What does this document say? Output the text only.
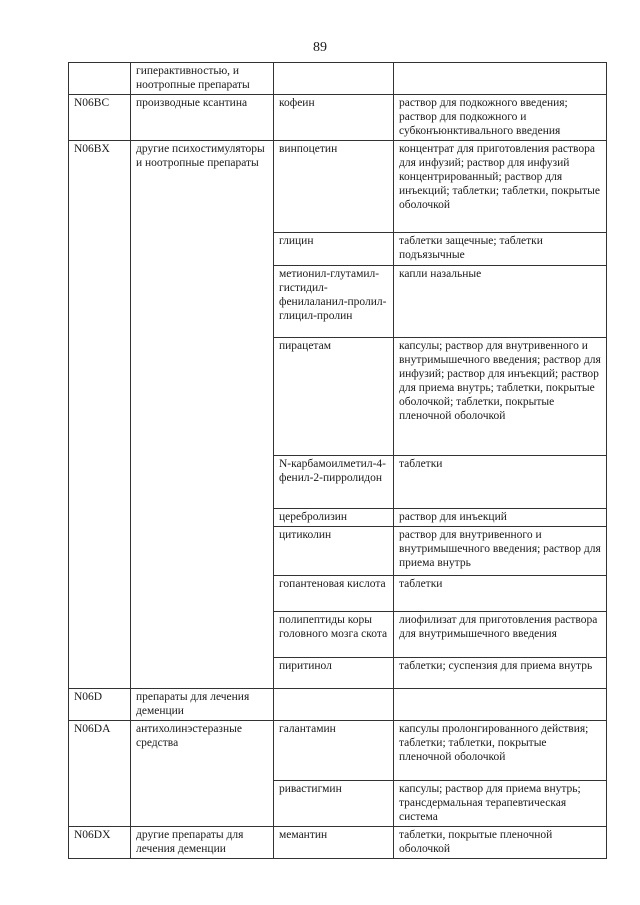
89
	гиперактивностью, и ноотропные препараты		
N06BC	производные ксантина	кофеин	раствор для подкожного введения; раствор для подкожного и субконъюнктивального введения
N06BX	другие психостимуляторы и ноотропные препараты	винпоцетин	концентрат для приготовления раствора для инфузий; раствор для инфузий концентрированный; раствор для инъекций; таблетки; таблетки, покрытые оболочкой
		глицин	таблетки защечные; таблетки подъязычные
		метионил-глутамил-гистидил-фенилаланил-пролил-глицил-пролин	капли назальные
		пирацетам	капсулы; раствор для внутривенного и внутримышечного введения; раствор для инфузий; раствор для инъекций; раствор для приема внутрь; таблетки, покрытые оболочкой; таблетки, покрытые пленочной оболочкой
		N-карбамоилметил-4-фенил-2-пирролидон	таблетки
		церебролизин	раствор для инъекций
		цитиколин	раствор для внутривенного и внутримышечного введения; раствор для приема внутрь
		гопантеновая кислота	таблетки
		полипептиды коры головного мозга скота	лиофилизат для приготовления раствора для внутримышечного введения
		пиритинол	таблетки; суспензия для приема внутрь
N06D	препараты для лечения деменции		
N06DA	антихолинэстеразные средства	галантамин	капсулы пролонгированного действия; таблетки; таблетки, покрытые пленочной оболочкой
		ривастигмин	капсулы; раствор для приема внутрь; трансдермальная терапевтическая система
N06DX	другие препараты для лечения деменции	мемантин	таблетки, покрытые пленочной оболочкой
